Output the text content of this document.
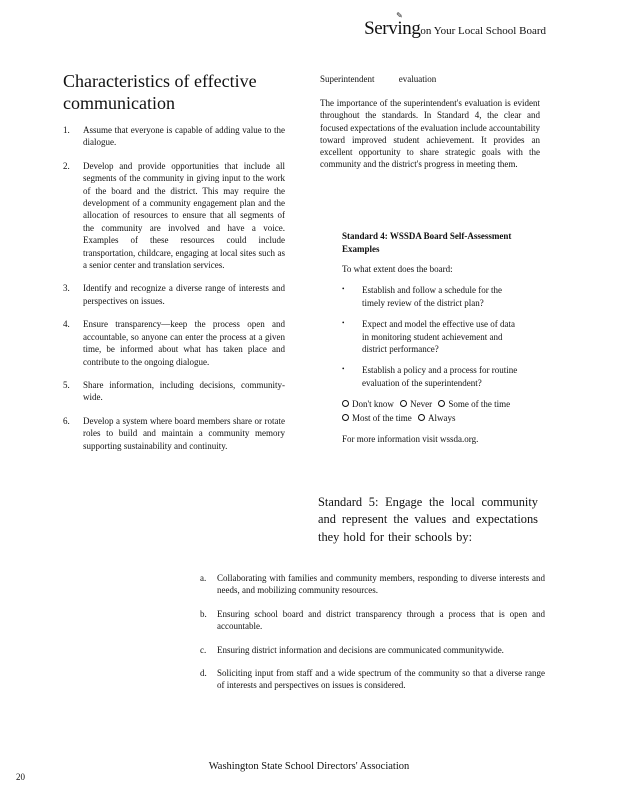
Serving
✎
on Your Local School Board
Characteristics of effective communication
1. Assume that everyone is capable of adding value to the dialogue.
2. Develop and provide opportunities that include all segments of the community in giving input to the work of the board and the district. This may require the development of a community engagement plan and the allocation of resources to ensure that all segments of the community are involved and have a voice. Examples of these resources could include transportation, childcare, engaging at local sites such as a senior center and translation services.
3. Identify and recognize a diverse range of interests and perspectives on issues.
4. Ensure transparency—keep the process open and accountable, so anyone can enter the process at a given time, be informed about what has taken place and contribute to the ongoing dialogue.
5. Share information, including decisions, community-wide.
6. Develop a system where board members share or rotate roles to build and maintain a community memory supporting sustainability and continuity.
Superintendent evaluation
The importance of the superintendent's evaluation is evident throughout the standards. In Standard 4, the clear and focused expectations of the evaluation include accountability toward improved student achievement. It provides an excellent opportunity to share strategic goals with the community and the district's progress in meeting them.
Standard 4: WSSDA Board Self-Assessment Examples
To what extent does the board:
• Establish and follow a schedule for the timely review of the district plan?
• Expect and model the effective use of data in monitoring student achievement and district performance?
• Establish a policy and a process for routine evaluation of the superintendent?
Don't know Never Some of the time
Most of the time Always
For more information visit wssda.org.
Standard 5: Engage the local community and represent the values and expectations they hold for their schools by:
a. Collaborating with families and community members, responding to diverse interests and needs, and mobilizing community resources.
b. Ensuring school board and district transparency through a process that is open and accountable.
c. Ensuring district information and decisions are communicated communitywide.
d. Soliciting input from staff and a wide spectrum of the community so that a diverse range of interests and perspectives on issues is considered.
Washington State School Directors' Association
20
